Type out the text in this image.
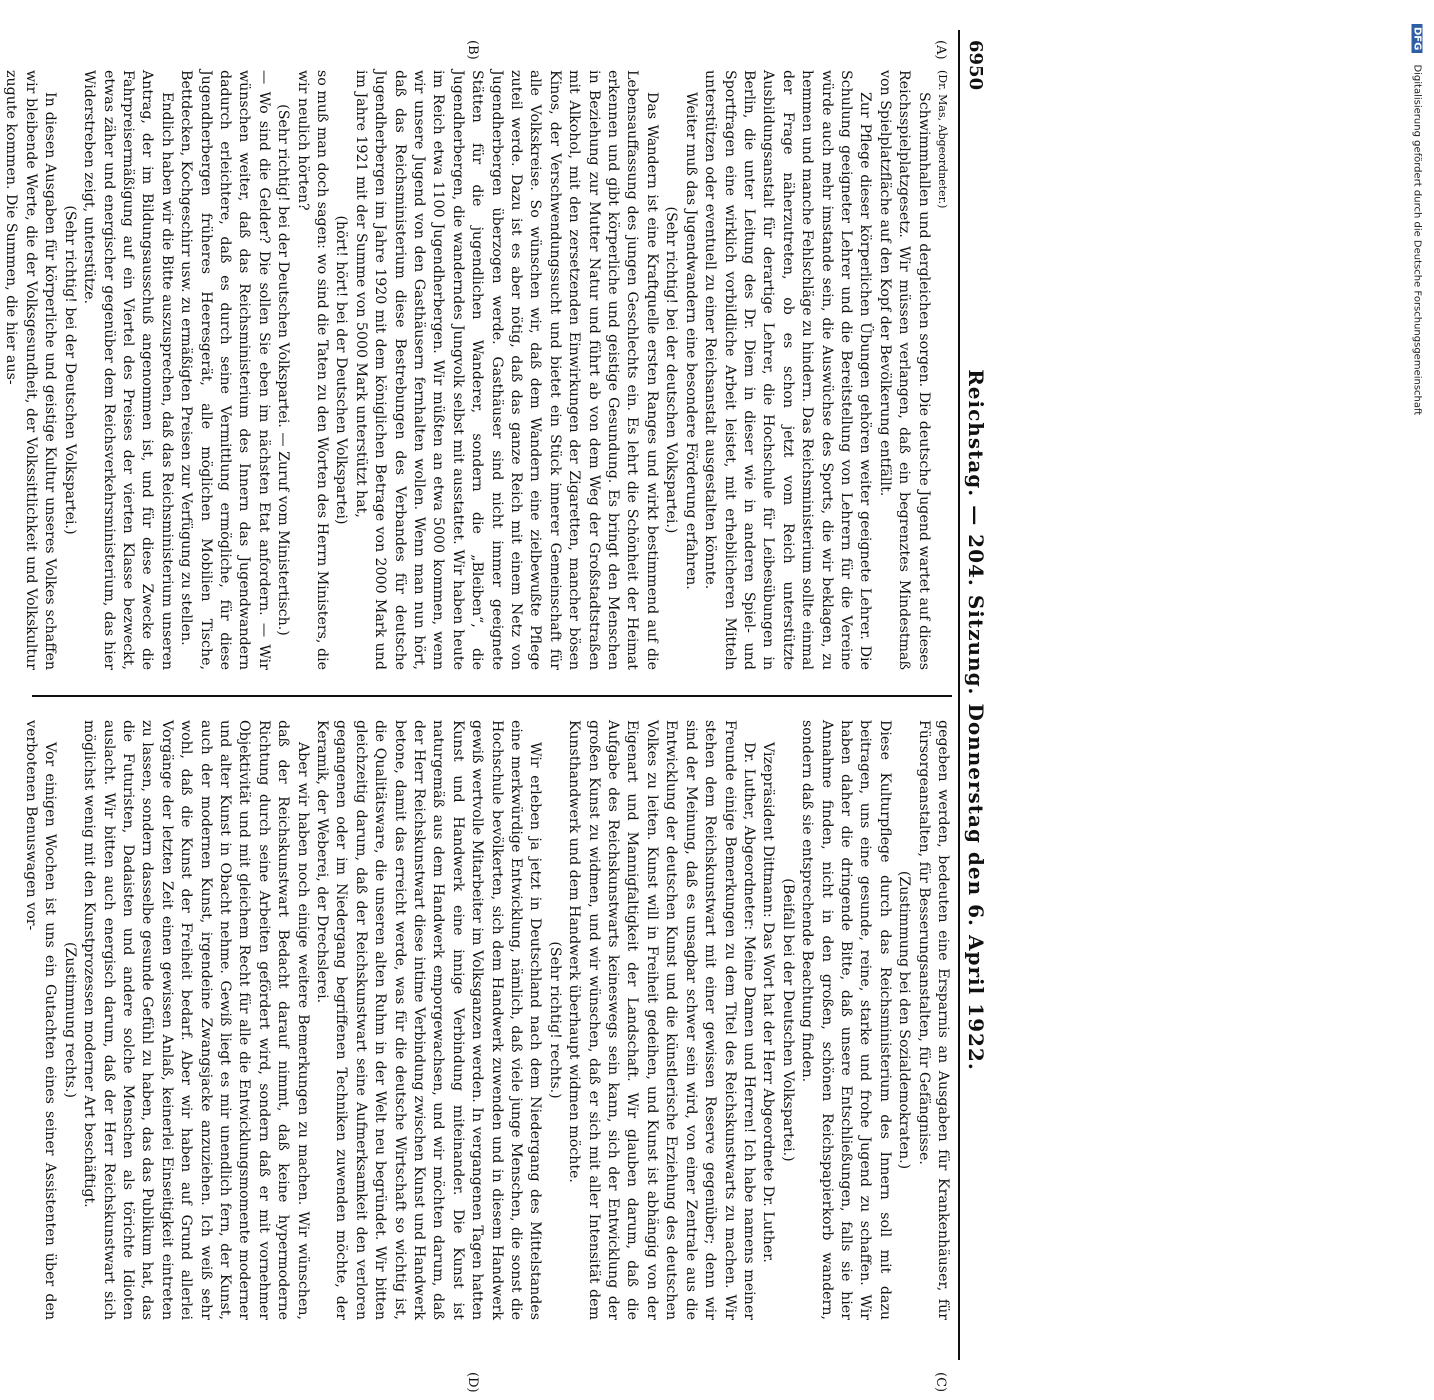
6950
Reichstag. — 204. Sitzung. Donnerstag den 6. April 1922.
(A)
(B)
(C)
(D)

(Dr. Mas, Abgeordneter.)

Schwimmhallen und dergleichen sorgen. Die deutsche Jugend wartet auf dieses Reichsspielplatzgesetz. Wir müssen verlangen, daß ein begrenztes Mindestmaß von Spielplatzfläche auf den Kopf der Bevölkerung entfällt.

Zur Pflege dieser körperlichen Übungen gehören weiter geeignete Lehrer. Die Schulung geeigneter Lehrer und die Bereitstellung von Lehrern für die Vereine würde auch mehr imstande sein, die Auswüchse des Sports, die wir beklagen, zu hemmen und manche Fehlschläge zu hindern. Das Reichsministerium sollte einmal der Frage näherzutreten, ob es schon jetzt vom Reich unterstützte Ausbildungsanstalt für derartige Lehrer, die Hochschule für Leibesübungen in Berlin, die unter Leitung des Dr. Diem in dieser wie in anderen Spiel- und Sportfragen eine wirklich vorbildliche Arbeit leistet, mit erheblicheren Mitteln unterstützen oder eventuell zu einer Reichsanstalt ausgestalten könnte.

Weiter muß das Jugendwandern eine besondere Förderung erfahren.

(Sehr richtig! bei der deutschen Volkspartei.)

Das Wandern ist eine Kraftquelle ersten Ranges und wirkt bestimmend auf die Lebensauffassung des jungen Geschlechts ein. Es lehrt die Schönheit der Heimat erkennen und gibt körperliche und geistige Gesundung. Es bringt den Menschen in Beziehung zur Mutter Natur und führt ab von dem Weg der Großstadtstraßen mit Alkohol, mit den zersetzenden Einwirkungen der Zigaretten, mancher bösen Kinos, der Verschwendungssucht und bietet ein Stück innerer Gemeinschaft für alle Volkskreise. So wünschen wir, daß dem Wandern eine zielbewußte Pflege zuteil werde. Dazu ist es aber nötig, daß das ganze Reich mit einem Netz von Jugendherbergen überzogen werde. Gasthäuser sind nicht immer geeignete Stätten für die jugendlichen Wanderer, sondern die „Bleiben“, die Jugendherbergen, die wanderndes Jungvolk selbst mit ausstattet. Wir haben heute im Reich etwa 1100 Jugendherbergen. Wir müßten an etwa 5000 kommen, wenn wir unsere Jugend von den Gasthäusern fernhalten wollen. Wenn man nun hört, daß das Reichsministerium diese Bestrebungen des Verbandes für deutsche Jugendherbergen im Jahre 1920 mit dem königlichen Betrage von 2000 Mark und im Jahre 1921 mit der Summe von 5000 Mark unterstützt hat,

(hört! hört! bei der Deutschen Volkspartei)

so muß man doch sagen: wo sind die Taten zu den Worten des Herrn Ministers, die wir neulich hörten?

(Sehr richtig! bei der Deutschen Volkspartei. — Zuruf vom Ministertisch.)

— Wo sind die Gelder? Die sollen Sie eben im nächsten Etat anfordern. — Wir wünschen weiter, daß das Reichsministerium des Innern das Jugendwandern dadurch erleichtere, daß es durch seine Vermittlung ermögliche, für diese Jugendherbergen früheres Heeresgerät, alle möglichen Mobilien Tische, Bettdecken, Kochgeschirr usw. zu ermäßigten Preisen zur Verfügung zu stellen.

Endlich haben wir die Bitte auszusprechen, daß das Reichsministerium unseren Antrag, der im Bildungsausschuß angenommen ist, und für diese Zwecke die Fahrpreisermäßigung auf ein Viertel des Preises der vierten Klasse bezweckt, etwas zäher und energischer gegenüber dem Reichsverkehrsministerium, das hier Widerstreben zeigt, unterstütze.

(Sehr richtig! bei der Deutschen Volkspartei.)

In diesen Ausgaben für körperliche und geistige Kultur unseres Volkes schaffen wir bleibende Werte, die der Volksgesundheit, der Volkssittlichkeit und Volkskultur zugute kommen. Die Summen, die hier aus-

gegeben werden, bedeuten eine Ersparnis an Ausgaben für Krankenhäuser, für Fürsorgeanstalten, für Besserungsanstalten, für Gefängnisse.

(Zustimmung bei den Sozialdemokraten.)

Diese Kulturpflege durch das Reichsministerium des Innern soll mit dazu beitragen, uns eine gesunde, reine, starke und frohe Jugend zu schaffen. Wir haben daher die dringende Bitte, daß unsere Entschließungen, falls sie hier Annahme finden, nicht in den großen, schönen Reichspapierkorb wandern, sondern daß sie entsprechende Beachtung finden.

(Beifall bei der Deutschen Volkspartei.)

Vizepräsident Dittmann: Das Wort hat der Herr Abgeordnete Dr. Luther.

Dr. Luther, Abgeordneter: Meine Damen und Herren! Ich habe namens meiner Freunde einige Bemerkungen zu dem Titel des Reichskunstwarts zu machen. Wir stehen dem Reichskunstwart mit einer gewissen Reserve gegenüber; denn wir sind der Meinung, daß es unsagbar schwer sein wird, von einer Zentrale aus die Entwicklung der deutschen Kunst und die künstlerische Erziehung des deutschen Volkes zu leiten. Kunst will in Freiheit gedeihen, und Kunst ist abhängig von der Eigenart und Mannigfaltigkeit der Landschaft. Wir glauben darum, daß die Aufgabe des Reichskunstwarts keineswegs sein kann, sich der Entwicklung der großen Kunst zu widmen, und wir wünschen, daß er sich mit aller Intensität dem Kunsthandwerk und dem Handwerk überhaupt widmen möchte.

(Sehr richtig! rechts.)

Wir erleben ja jetzt in Deutschland nach dem Niedergang des Mittelstandes eine merkwürdige Entwicklung, nämlich, daß viele junge Menschen, die sonst die Hochschule bevölkerten, sich dem Handwerk zuwenden und in diesem Handwerk gewiß wertvolle Mitarbeiter im Volksganzen werden. In vergangenen Tagen hatten Kunst und Handwerk eine innige Verbindung miteinander. Die Kunst ist naturgemäß aus dem Handwerk emporgewachsen, und wir möchten darum, daß der Herr Reichskunstwart diese intime Verbindung zwischen Kunst und Handwerk betone, damit das erreicht werde, was für die deutsche Wirtschaft so wichtig ist, die Qualitätsware, die unseren alten Ruhm in der Welt neu begründet. Wir bitten gleichzeitig darum, daß der Reichskunstwart seine Aufmerksamkeit den verloren gegangenen oder im Niedergang begriffenen Techniken zuwenden möchte, der Keramik, der Weberei, der Drechslerei.

Aber wir haben noch einige weitere Bemerkungen zu machen. Wir wünschen, daß der Reichskunstwart Bedacht darauf nimmt, daß keine hypermoderne Richtung durch seine Arbeiten gefördert wird, sondern daß er mit vornehmer Objektivität und mit gleichem Recht für alle die Entwicklungsmomente moderner und alter Kunst in Obacht nehme. Gewiß liegt es mir unendlich fern, der Kunst, auch der modernen Kunst, irgendeine Zwangsjacke anzuziehen. Ich weiß sehr wohl, daß die Kunst der Freiheit bedarf. Aber wir haben auf Grund allerlei Vorgänge der letzten Zeit einen gewissen Anlaß, keinerlei Einseitigkeit eintreten zu lassen, sondern dasselbe gesunde Gefühl zu haben, das das Publikum hat, das die Futuristen, Dadaisten und andere solche Menschen als törichte Idioten auslacht. Wir bitten auch energisch darum, daß der Herr Reichskunstwart sich möglichst wenig mit den Kunstprozessen moderner Art beschäftigt.

(Zustimmung rechts.)

Vor einigen Wochen ist uns ein Gutachten eines seiner Assistenten über den verbotenen Benuswagen vor-

DFG Digitalisierung gefördert durch die Deutsche Forschungsgemeinschaft
